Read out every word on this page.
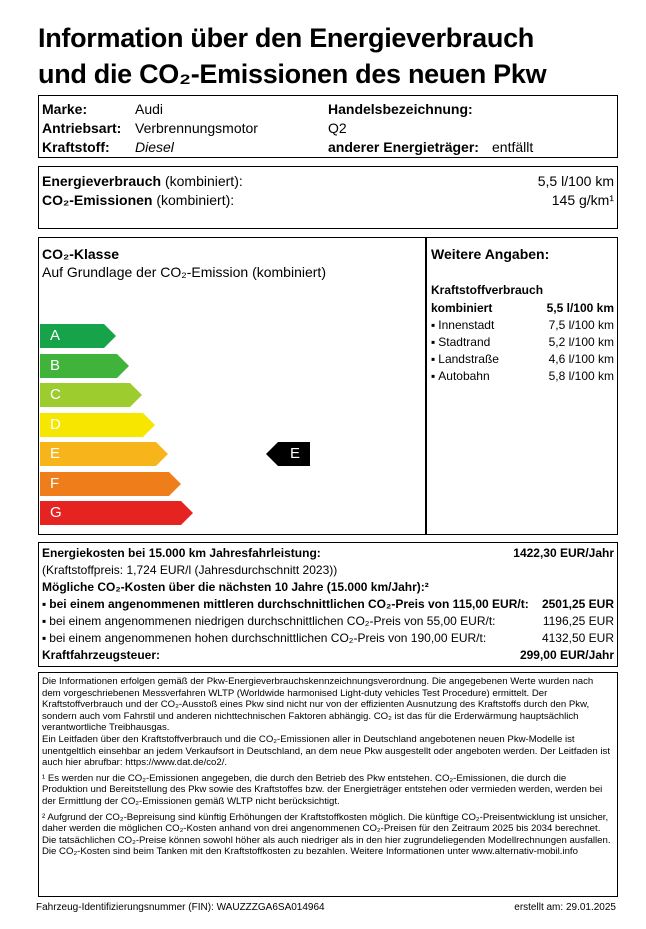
Information über den Energieverbrauch
und die CO₂-Emissionen des neuen Pkw
Marke:	Audi
Antriebsart: Verbrennungsmotor
Kraftstoff: Diesel
Handelsbezeichnung:
Q2
anderer Energieträger: entfällt
Energieverbrauch (kombiniert):	5,5 l/100 km
CO₂-Emissionen (kombiniert):	145 g/km¹
CO₂-Klasse
Auf Grundlage der CO₂-Emission (kombiniert)
A
B
C
D
E
F
G
E
Weitere Angaben:
Kraftstoffverbrauch
kombiniert	5,5 l/100 km
▪ Innenstadt	7,5 l/100 km
▪ Stadtrand	5,2 l/100 km
▪ Landstraße	4,6 l/100 km
▪ Autobahn	5,8 l/100 km
Energiekosten bei 15.000 km Jahresfahrleistung:	1422,30 EUR/Jahr
(Kraftstoffpreis: 1,724 EUR/l (Jahresdurchschnitt 2023))
Mögliche CO₂-Kosten über die nächsten 10 Jahre (15.000 km/Jahr):²
▪ bei einem angenommenen mittleren durchschnittlichen CO₂-Preis von 115,00 EUR/t: 2501,25 EUR
▪ bei einem angenommenen niedrigen durchschnittlichen CO₂-Preis von 55,00 EUR/t:	1196,25 EUR
▪ bei einem angenommenen hohen durchschnittlichen CO₂-Preis von 190,00 EUR/t:	4132,50 EUR
Kraftfahrzeugsteuer:	299,00 EUR/Jahr
Die Informationen erfolgen gemäß der Pkw-Energieverbrauchskennzeichnungsverordnung. Die angegebenen Werte wurden nach dem vorgeschriebenen Messverfahren WLTP (Worldwide harmonised Light-duty vehicles Test Procedure) ermittelt. Der Kraftstoffverbrauch und der CO₂-Ausstoß eines Pkw sind nicht nur von der effizienten Ausnutzung des Kraftstoffs durch den Pkw, sondern auch vom Fahrstil und anderen nichttechnischen Faktoren abhängig. CO₂ ist das für die Erderwärmung hauptsächlich verantwortliche Treibhausgas.
Ein Leitfaden über den Kraftstoffverbrauch und die CO₂-Emissionen aller in Deutschland angebotenen neuen Pkw-Modelle ist unentgeltlich einsehbar an jedem Verkaufsort in Deutschland, an dem neue Pkw ausgestellt oder angeboten werden. Der Leitfaden ist auch hier abrufbar: https://www.dat.de/co2/.
¹ Es werden nur die CO₂-Emissionen angegeben, die durch den Betrieb des Pkw entstehen. CO₂-Emissionen, die durch die Produktion und Bereitstellung des Pkw sowie des Kraftstoffes bzw. der Energieträger entstehen oder vermieden werden, werden bei der Ermittlung der CO₂-Emissionen gemäß WLTP nicht berücksichtigt.
² Aufgrund der CO₂-Bepreisung sind künftig Erhöhungen der Kraftstoffkosten möglich. Die künftige CO₂-Preisentwicklung ist unsicher, daher werden die möglichen CO₂-Kosten anhand von drei angenommenen CO₂-Preisen für den Zeitraum 2025 bis 2034 berechnet. Die tatsächlichen CO₂-Preise können sowohl höher als auch niedriger als in den hier zugrundeliegenden Modellrechnungen ausfallen. Die CO₂-Kosten sind beim Tanken mit den Kraftstoffkosten zu bezahlen. Weitere Informationen unter www.alternativ-mobil.info
Fahrzeug-Identifizierungsnummer (FIN): WAUZZZGA6SA014964	erstellt am: 29.01.2025
